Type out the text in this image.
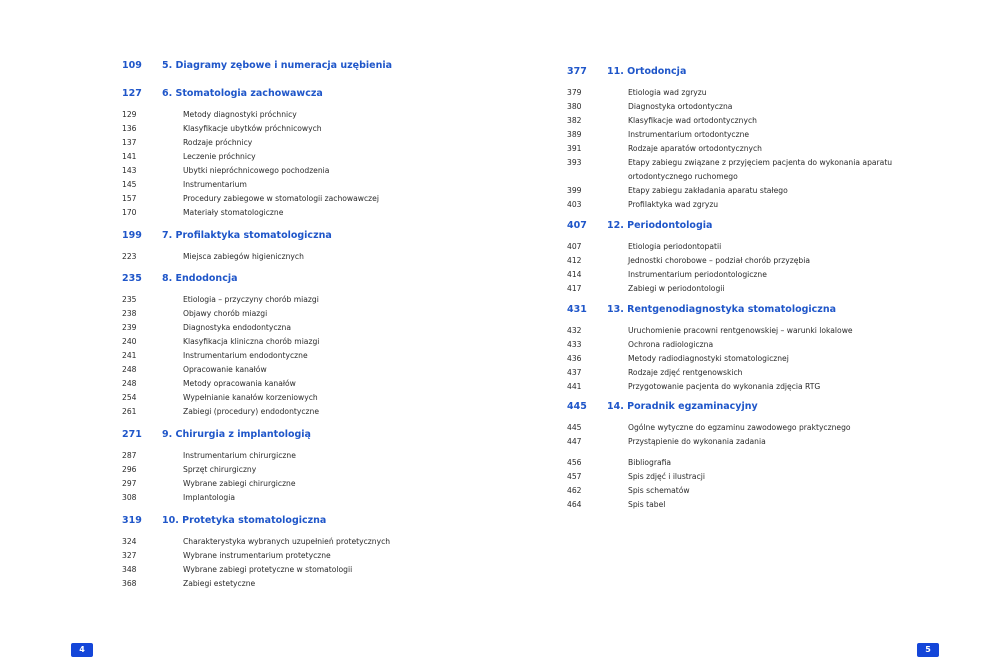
109	5. Diagramy zębowe i numeracja uzębienia
127	6. Stomatologia zachowawcza
129	Metody diagnostyki próchnicy
136	Klasyfikacje ubytków próchnicowych
137	Rodzaje próchnicy
141	Leczenie próchnicy
143	Ubytki niepróchnicowego pochodzenia
145	Instrumentarium
157	Procedury zabiegowe w stomatologii zachowawczej
170	Materiały stomatologiczne
199	7. Profilaktyka stomatologiczna
223	Miejsca zabiegów higienicznych
235	8. Endodoncja
235	Etiologia – przyczyny chorób miazgi
238	Objawy chorób miazgi
239	Diagnostyka endodontyczna
240	Klasyfikacja kliniczna chorób miazgi
241	Instrumentarium endodontyczne
248	Opracowanie kanałów
248	Metody opracowania kanałów
254	Wypełnianie kanałów korzeniowych
261	Zabiegi (procedury) endodontyczne
271	9. Chirurgia z implantologią
287	Instrumentarium chirurgiczne
296	Sprzęt chirurgiczny
297	Wybrane zabiegi chirurgiczne
308	Implantologia
319	10. Protetyka stomatologiczna
324	Charakterystyka wybranych uzupełnień protetycznych
327	Wybrane instrumentarium protetyczne
348	Wybrane zabiegi protetyczne w stomatologii
368	Zabiegi estetyczne
377	11. Ortodoncja
379	Etiologia wad zgryzu
380	Diagnostyka ortodontyczna
382	Klasyfikacje wad ortodontycznych
389	Instrumentarium ortodontyczne
391	Rodzaje aparatów ortodontycznych
393	Etapy zabiegu związane z przyjęciem pacjenta do wykonania aparatu ortodontycznego ruchomego
399	Etapy zabiegu zakładania aparatu stałego
403	Profilaktyka wad zgryzu
407	12. Periodontologia
407	Etiologia periodontopatii
412	Jednostki chorobowe – podział chorób przyzębia
414	Instrumentarium periodontologiczne
417	Zabiegi w periodontologii
431	13. Rentgenodiagnostyka stomatologiczna
432	Uruchomienie pracowni rentgenowskiej – warunki lokalowe
433	Ochrona radiologiczna
436	Metody radiodiagnostyki stomatologicznej
437	Rodzaje zdjęć rentgenowskich
441	Przygotowanie pacjenta do wykonania zdjęcia RTG
445	14. Poradnik egzaminacyjny
445	Ogólne wytyczne do egzaminu zawodowego praktycznego
447	Przystąpienie do wykonania zadania
456	Bibliografia
457	Spis zdjęć i ilustracji
462	Spis schematów
464	Spis tabel
4	5
